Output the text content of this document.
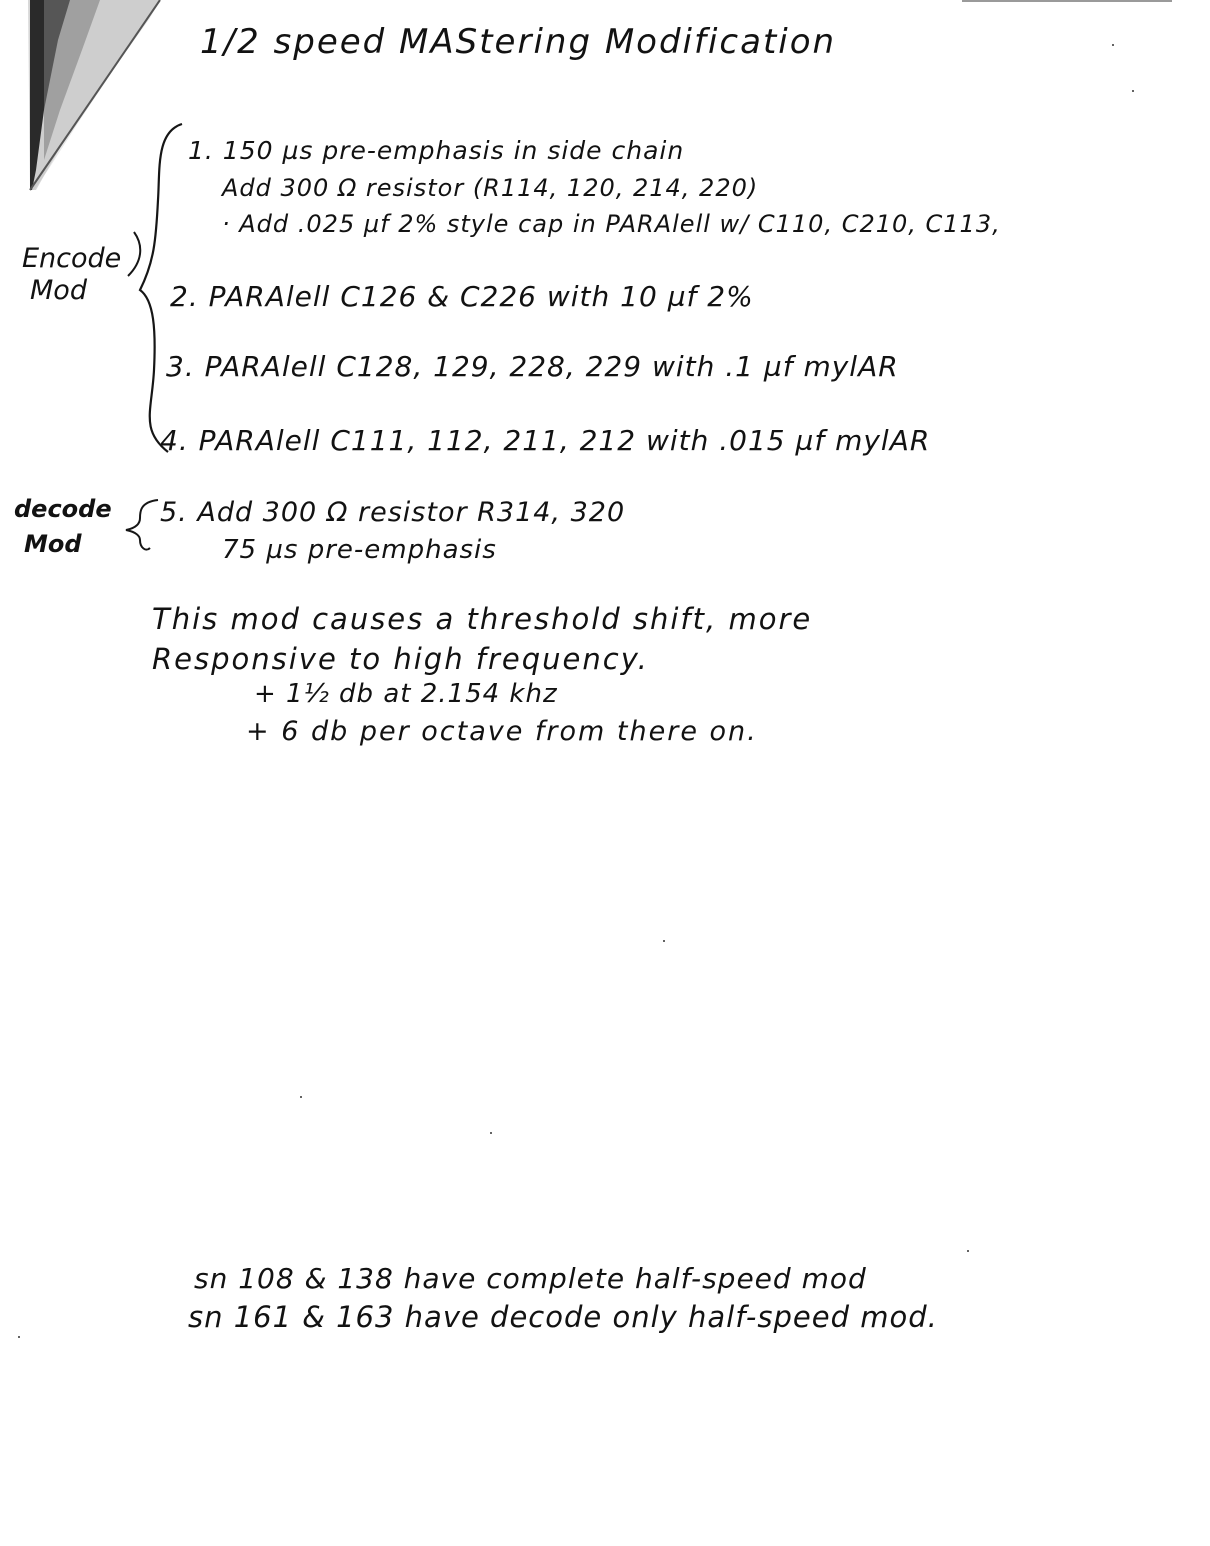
1/2 speed MAStering Modification
Encode
Mod
1. 150 µs pre-emphasis in side chain
Add 300 Ω resistor (R114, 120, 214, 220)
· Add .025 µf 2% style cap in PARAlell w/ C110, C210, C113,
2. PARAlell C126 & C226 with 10 µf 2%
3. PARAlell C128, 129, 228, 229 with .1 µf mylAR
4. PARAlell C111, 112, 211, 212 with .015 µf mylAR
decode
Mod
5. Add 300 Ω resistor R314, 320
75 µs pre-emphasis
This mod causes a threshold shift, more
Responsive to high frequency.
+ 1½ db at 2.154 khz
+ 6 db per octave from there on.
sn 108 & 138 have complete half-speed mod
sn 161 & 163 have decode only half-speed mod.
